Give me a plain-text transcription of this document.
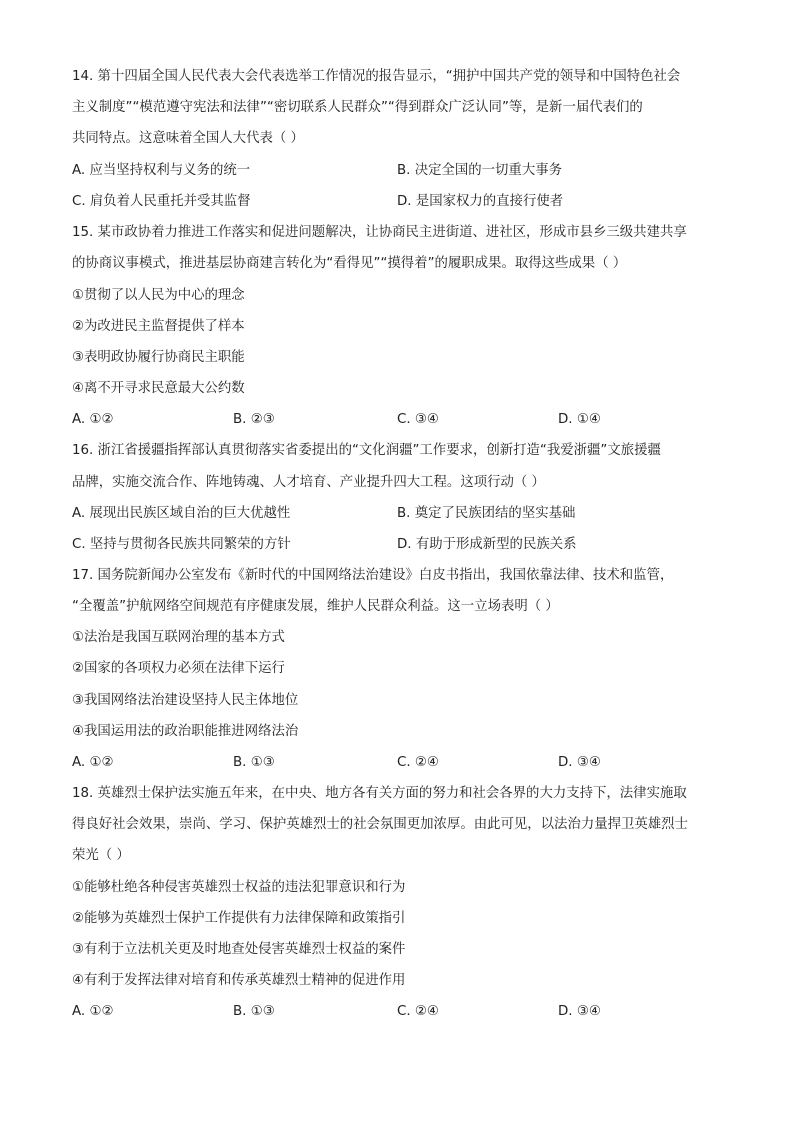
14. 第十四届全国人民代表大会代表选举工作情况的报告显示，“拥护中国共产党的领导和中国特色社会
主义制度”“模范遵守宪法和法律”“密切联系人民群众”“得到群众广泛认同”等，是新一届代表们的
共同特点。这意味着全国人大代表（ ）
A. 应当坚持权利与义务的统一	B. 决定全国的一切重大事务
C. 肩负着人民重托并受其监督	D. 是国家权力的直接行使者
15. 某市政协着力推进工作落实和促进问题解决，让协商民主进街道、进社区，形成市县乡三级共建共享
的协商议事模式，推进基层协商建言转化为“看得见”“摸得着”的履职成果。取得这些成果（ ）
①贯彻了以人民为中心的理念
②为改进民主监督提供了样本
③表明政协履行协商民主职能
④离不开寻求民意最大公约数
A. ①②	B. ②③	C. ③④	D. ①④
16. 浙江省援疆指挥部认真贯彻落实省委提出的“文化润疆”工作要求，创新打造“我爱浙疆”文旅援疆
品牌，实施交流合作、阵地铸魂、人才培育、产业提升四大工程。这项行动（ ）
A. 展现出民族区域自治的巨大优越性	B. 奠定了民族团结的坚实基础
C. 坚持与贯彻各民族共同繁荣的方针	D. 有助于形成新型的民族关系
17. 国务院新闻办公室发布《新时代的中国网络法治建设》白皮书指出，我国依靠法律、技术和监管，
“全覆盖”护航网络空间规范有序健康发展，维护人民群众利益。这一立场表明（ ）
①法治是我国互联网治理的基本方式
②国家的各项权力必须在法律下运行
③我国网络法治建设坚持人民主体地位
④我国运用法的政治职能推进网络法治
A. ①②	B. ①③	C. ②④	D. ③④
18. 英雄烈士保护法实施五年来，在中央、地方各有关方面的努力和社会各界的大力支持下，法律实施取
得良好社会效果，崇尚、学习、保护英雄烈士的社会氛围更加浓厚。由此可见，以法治力量捍卫英雄烈士
荣光（ ）
①能够杜绝各种侵害英雄烈士权益的违法犯罪意识和行为
②能够为英雄烈士保护工作提供有力法律保障和政策指引
③有利于立法机关更及时地查处侵害英雄烈士权益的案件
④有利于发挥法律对培育和传承英雄烈士精神的促进作用
A. ①②	B. ①③	C. ②④	D. ③④
